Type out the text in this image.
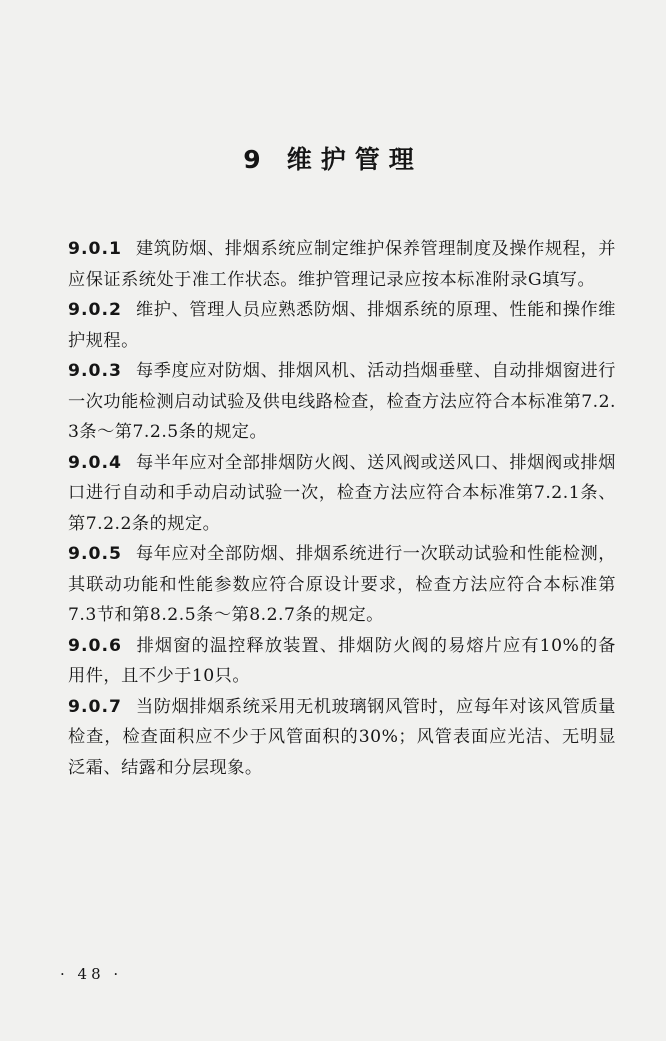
9 维护管理

9.0.1 建筑防烟、排烟系统应制定维护保养管理制度及操作规程，并应保证系统处于准工作状态。维护管理记录应按本标准附录G填写。

9.0.2 维护、管理人员应熟悉防烟、排烟系统的原理、性能和操作维护规程。

9.0.3 每季度应对防烟、排烟风机、活动挡烟垂壁、自动排烟窗进行一次功能检测启动试验及供电线路检查，检查方法应符合本标准第7.2.3条～第7.2.5条的规定。

9.0.4 每半年应对全部排烟防火阀、送风阀或送风口、排烟阀或排烟口进行自动和手动启动试验一次，检查方法应符合本标准第7.2.1条、第7.2.2条的规定。

9.0.5 每年应对全部防烟、排烟系统进行一次联动试验和性能检测，其联动功能和性能参数应符合原设计要求，检查方法应符合本标准第7.3节和第8.2.5条～第8.2.7条的规定。

9.0.6 排烟窗的温控释放装置、排烟防火阀的易熔片应有10%的备用件，且不少于10只。

9.0.7 当防烟排烟系统采用无机玻璃钢风管时，应每年对该风管质量检查，检查面积应不少于风管面积的30%；风管表面应光洁、无明显泛霜、结露和分层现象。

· 48 ·
